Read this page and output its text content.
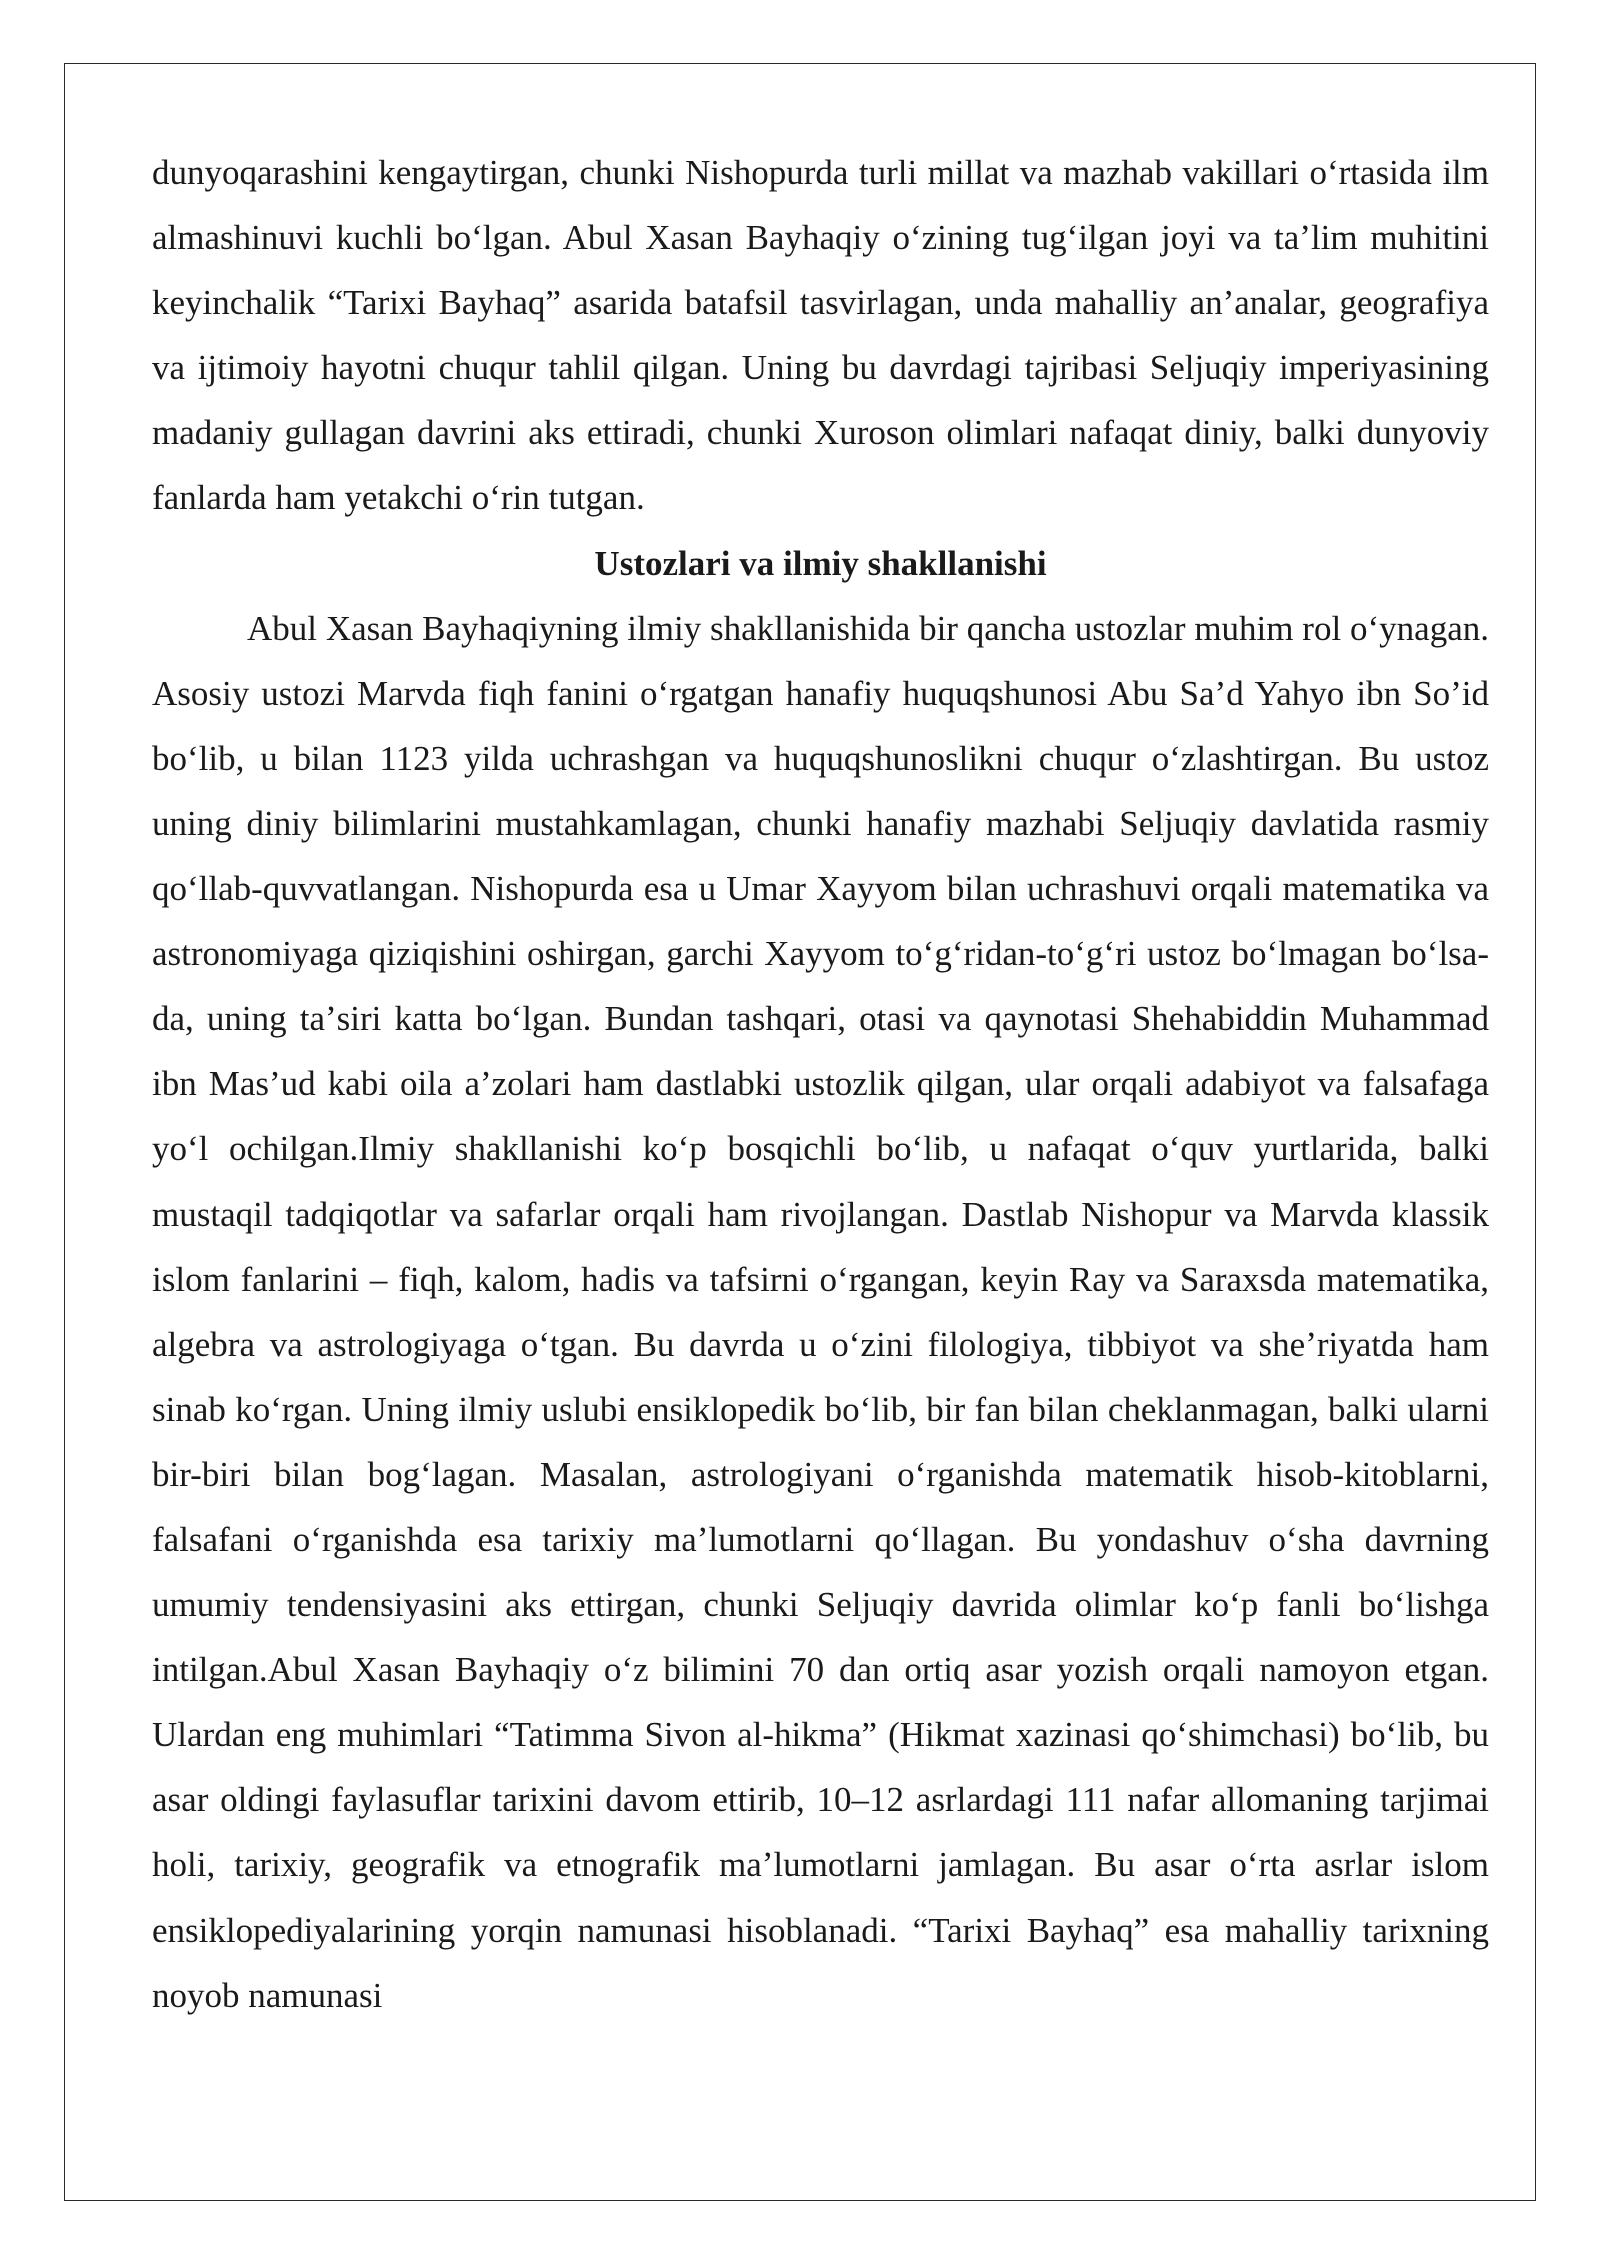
dunyoqarashini kengaytirgan, chunki Nishopurda turli millat va mazhab vakillari oʻrtasida ilm almashinuvi kuchli boʻlgan. Abul Xasan Bayhaqiy oʻzining tugʻilgan joyi va taʼlim muhitini keyinchalik “Tarixi Bayhaq” asarida batafsil tasvirlagan, unda mahalliy an’analar, geografiya va ijtimoiy hayotni chuqur tahlil qilgan. Uning bu davrdagi tajribasi Seljuqiy imperiyasining madaniy gullagan davrini aks ettiradi, chunki Xuroson olimlari nafaqat diniy, balki dunyoviy fanlarda ham yetakchi oʻrin tutgan.

Ustozlari va ilmiy shakllanishi

Abul Xasan Bayhaqiyning ilmiy shakllanishida bir qancha ustozlar muhim rol oʻynagan. Asosiy ustozi Marvda fiqh fanini oʻrgatgan hanafiy huquqshunosi Abu Sa’d Yahyo ibn So’id boʻlib, u bilan 1123 yilda uchrashgan va huquqshunoslikni chuqur oʻzlashtirgan. Bu ustoz uning diniy bilimlarini mustahkamlagan, chunki hanafiy mazhabi Seljuqiy davlatida rasmiy qoʻllab-quvvatlangan. Nishopurda esa u Umar Xayyom bilan uchrashuvi orqali matematika va astronomiyaga qiziqishini oshirgan, garchi Xayyom toʻgʻridan-toʻgʻri ustoz boʻlmagan boʻlsa-da, uning taʼsiri katta boʻlgan. Bundan tashqari, otasi va qaynotasi Shehabiddin Muhammad ibn Mas’ud kabi oila a’zolari ham dastlabki ustozlik qilgan, ular orqali adabiyot va falsafaga yoʻl ochilgan.Ilmiy shakllanishi koʻp bosqichli boʻlib, u nafaqat oʻquv yurtlarida, balki mustaqil tadqiqotlar va safarlar orqali ham rivojlangan. Dastlab Nishopur va Marvda klassik islom fanlarini – fiqh, kalom, hadis va tafsirni oʻrgangan, keyin Ray va Saraxsda matematika, algebra va astrologiyaga oʻtgan. Bu davrda u oʻzini filologiya, tibbiyot va sheʼriyatda ham sinab koʻrgan. Uning ilmiy uslubi ensiklopedik boʻlib, bir fan bilan cheklanmagan, balki ularni bir-biri bilan bogʻlagan. Masalan, astrologiyani oʻrganishda matematik hisob-kitoblarni, falsafani oʻrganishda esa tarixiy maʼlumotlarni qoʻllagan. Bu yondashuv oʻsha davrning umumiy tendensiyasini aks ettirgan, chunki Seljuqiy davrida olimlar koʻp fanli boʻlishga intilgan.Abul Xasan Bayhaqiy oʻz bilimini 70 dan ortiq asar yozish orqali namoyon etgan. Ulardan eng muhimlari “Tatimma Sivon al-hikma” (Hikmat xazinasi qoʻshimchasi) boʻlib, bu asar oldingi faylasuflar tarixini davom ettirib, 10–12 asrlardagi 111 nafar allomaning tarjimai holi, tarixiy, geografik va etnografik maʼlumotlarni jamlagan. Bu asar oʻrta asrlar islom ensiklopediyalarining yorqin namunasi hisoblanadi. “Tarixi Bayhaq” esa mahalliy tarixning noyob namunasi
